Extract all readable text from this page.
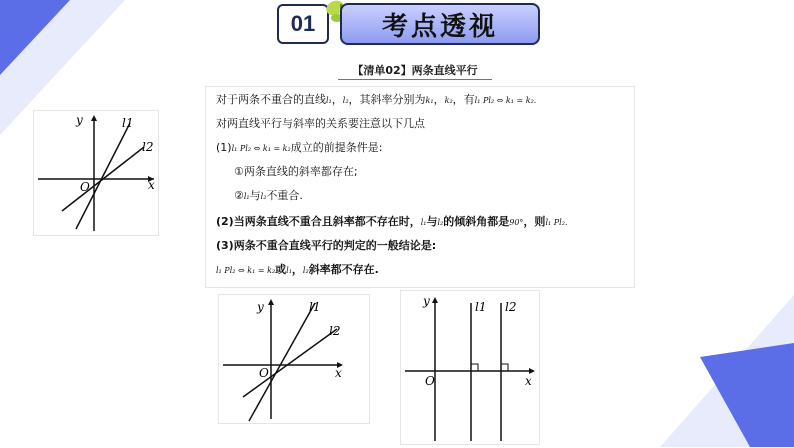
01	考点透视
【清单02】两条直线平行
对于两条不重合的直线l₁，l₂，其斜率分别为k₁，k₂，有l₁ Pl₂ ⇔ k₁ = k₂.
对两直线平行与斜率的关系要注意以下几点
(1)l₁ Pl₂ ⇔ k₁ = k₂成立的前提条件是:
①两条直线的斜率都存在;
②l₁与l₂不重合.
(2)当两条直线不重合且斜率都不存在时，l₁与l₂的倾斜角都是90°，则l₁ Pl₂.
(3)两条不重合直线平行的判定的一般结论是:
l₁ Pl₂ ⇔ k₁ = k₂或l₁，l₂斜率都不存在.
y
x
O
l1
l2
y
x
O
l1
l2
y
x
O
l1 l2
